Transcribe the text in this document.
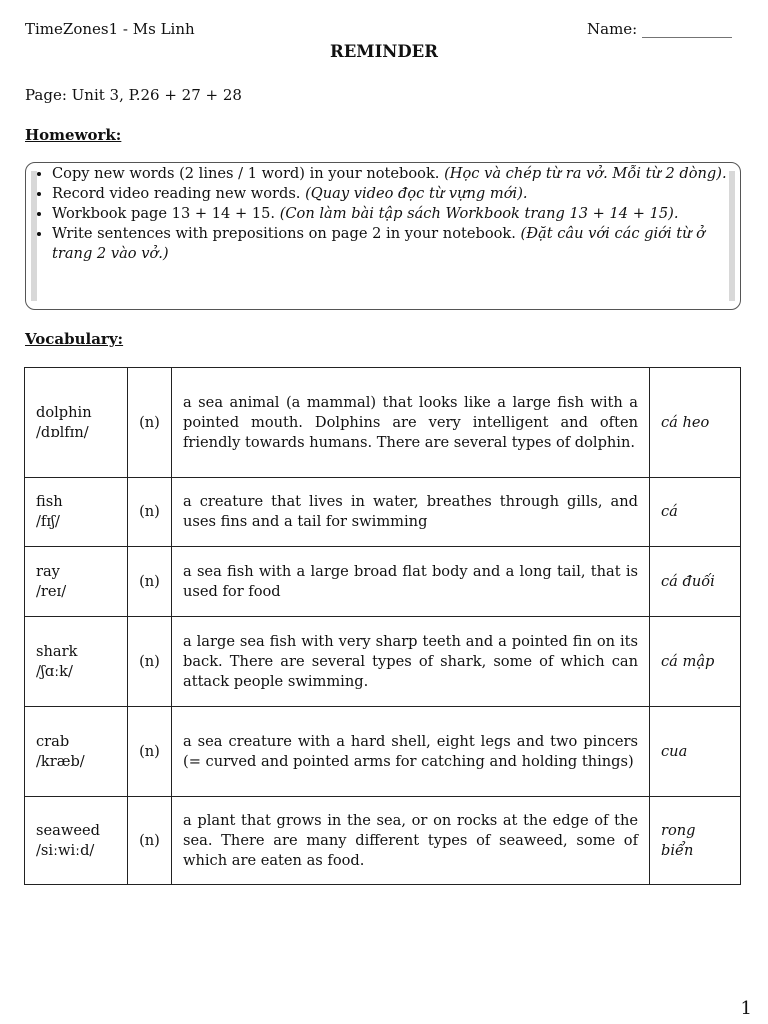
TimeZones1 - Ms Linh	Name: ____________
REMINDER
Page: Unit 3, P.26 + 27 + 28
Homework:
• Copy new words (2 lines / 1 word) in your notebook. (Học và chép từ ra vở. Mỗi từ 2 dòng).
• Record video reading new words. (Quay video đọc từ vựng mới).
• Workbook page 13 + 14 + 15. (Con làm bài tập sách Workbook trang 13 + 14 + 15).
• Write sentences with prepositions on page 2 in your notebook. (Đặt câu với các giới từ ở trang 2 vào vở.)
Vocabulary:
dolphin
/dɒlfɪn/	(n)	a sea animal (a mammal) that looks like a large fish with a pointed mouth. Dolphins are very intelligent and often friendly towards humans. There are several types of dolphin.	cá heo
fish
/fɪʃ/	(n)	a creature that lives in water, breathes through gills, and uses fins and a tail for swimming	cá
ray
/reɪ/	(n)	a sea fish with a large broad flat body and a long tail, that is used for food	cá đuối
shark
/ʃɑːk/	(n)	a large sea fish with very sharp teeth and a pointed fin on its back. There are several types of shark, some of which can attack people swimming.	cá mập
crab
/kræb/	(n)	a sea creature with a hard shell, eight legs and two pincers (= curved and pointed arms for catching and holding things)	cua
seaweed
/siːwiːd/	(n)	a plant that grows in the sea, or on rocks at the edge of the sea. There are many different types of seaweed, some of which are eaten as food.	rong biển
1
